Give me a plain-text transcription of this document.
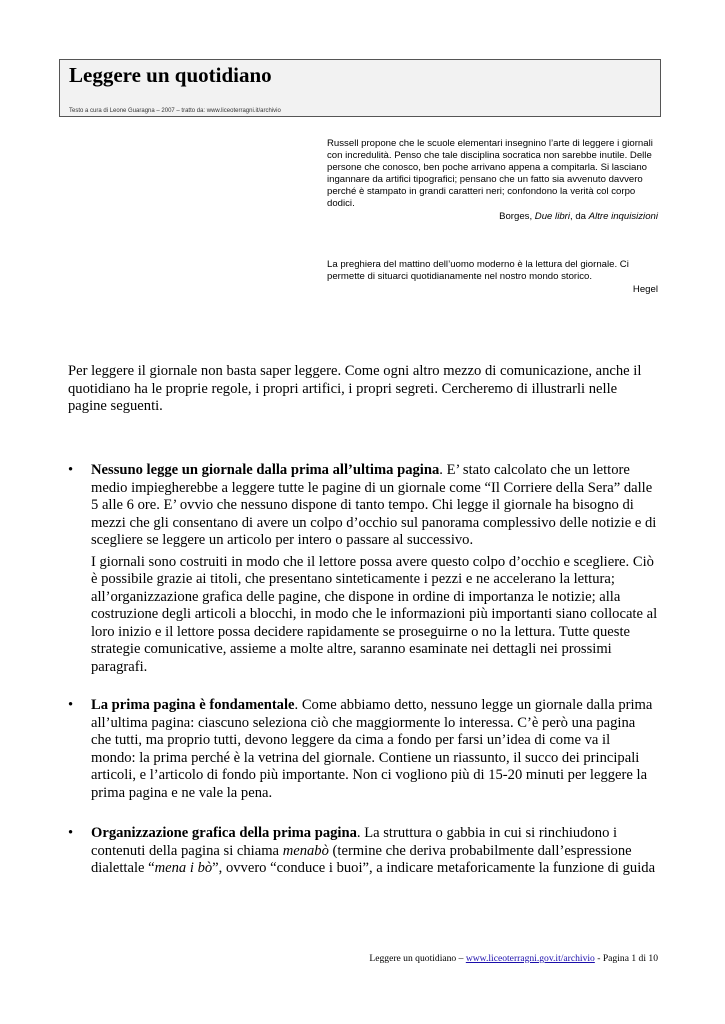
Leggere un quotidiano
Testo a cura di Leone Guaragna – 2007 – tratto da: www.liceoterragni.it/archivio

Russell propone che le scuole elementari insegnino l’arte di leggere i giornali con incredulità. Penso che tale disciplina socratica non sarebbe inutile. Delle persone che conosco, ben poche arrivano appena a compitarla. Si lasciano ingannare da artifici tipografici; pensano che un fatto sia avvenuto davvero perché è stampato in grandi caratteri neri; confondono la verità col corpo dodici.

Borges, Due libri, da Altre inquisizioni

La preghiera del mattino dell’uomo moderno è la lettura del giornale. Ci permette di situarci quotidianamente nel nostro mondo storico.

Hegel

Per leggere il giornale non basta saper leggere. Come ogni altro mezzo di comunicazione, anche il quotidiano ha le proprie regole, i propri artifici, i propri segreti. Cercheremo di illustrarli nelle pagine seguenti.

• Nessuno legge un giornale dalla prima all’ultima pagina. E’ stato calcolato che un lettore medio impiegherebbe a leggere tutte le pagine di un giornale come “Il Corriere della Sera” dalle 5 alle 6 ore. E’ ovvio che nessuno dispone di tanto tempo. Chi legge il giornale ha bisogno di mezzi che gli consentano di avere un colpo d’occhio sul panorama complessivo delle notizie e di scegliere se leggere un articolo per intero o passare al successivo.

I giornali sono costruiti in modo che il lettore possa avere questo colpo d’occhio e scegliere. Ciò è possibile grazie ai titoli, che presentano sinteticamente i pezzi e ne accelerano la lettura; all’organizzazione grafica delle pagine, che dispone in ordine di importanza le notizie; alla costruzione degli articoli a blocchi, in modo che le informazioni più importanti siano collocate al loro inizio e il lettore possa decidere rapidamente se proseguirne o no la lettura. Tutte queste strategie comunicative, assieme a molte altre, saranno esaminate nei dettagli nei prossimi paragrafi.

• La prima pagina è fondamentale. Come abbiamo detto, nessuno legge un giornale dalla prima all’ultima pagina: ciascuno seleziona ciò che maggiormente lo interessa. C’è però una pagina che tutti, ma proprio tutti, devono leggere da cima a fondo per farsi un’idea di come va il mondo: la prima perché è la vetrina del giornale. Contiene un riassunto, il succo dei principali articoli, e l’articolo di fondo più importante. Non ci vogliono più di 15-20 minuti per leggere la prima pagina e ne vale la pena.

• Organizzazione grafica della prima pagina. La struttura o gabbia in cui si rinchiudono i contenuti della pagina si chiama menabò (termine che deriva probabilmente dall’espressione dialettale “mena i bò”, ovvero “conduce i buoi”, a indicare metaforicamente la funzione di guida

Leggere un quotidiano – www.liceoterragni.gov.it/archivio - Pagina 1 di 10
